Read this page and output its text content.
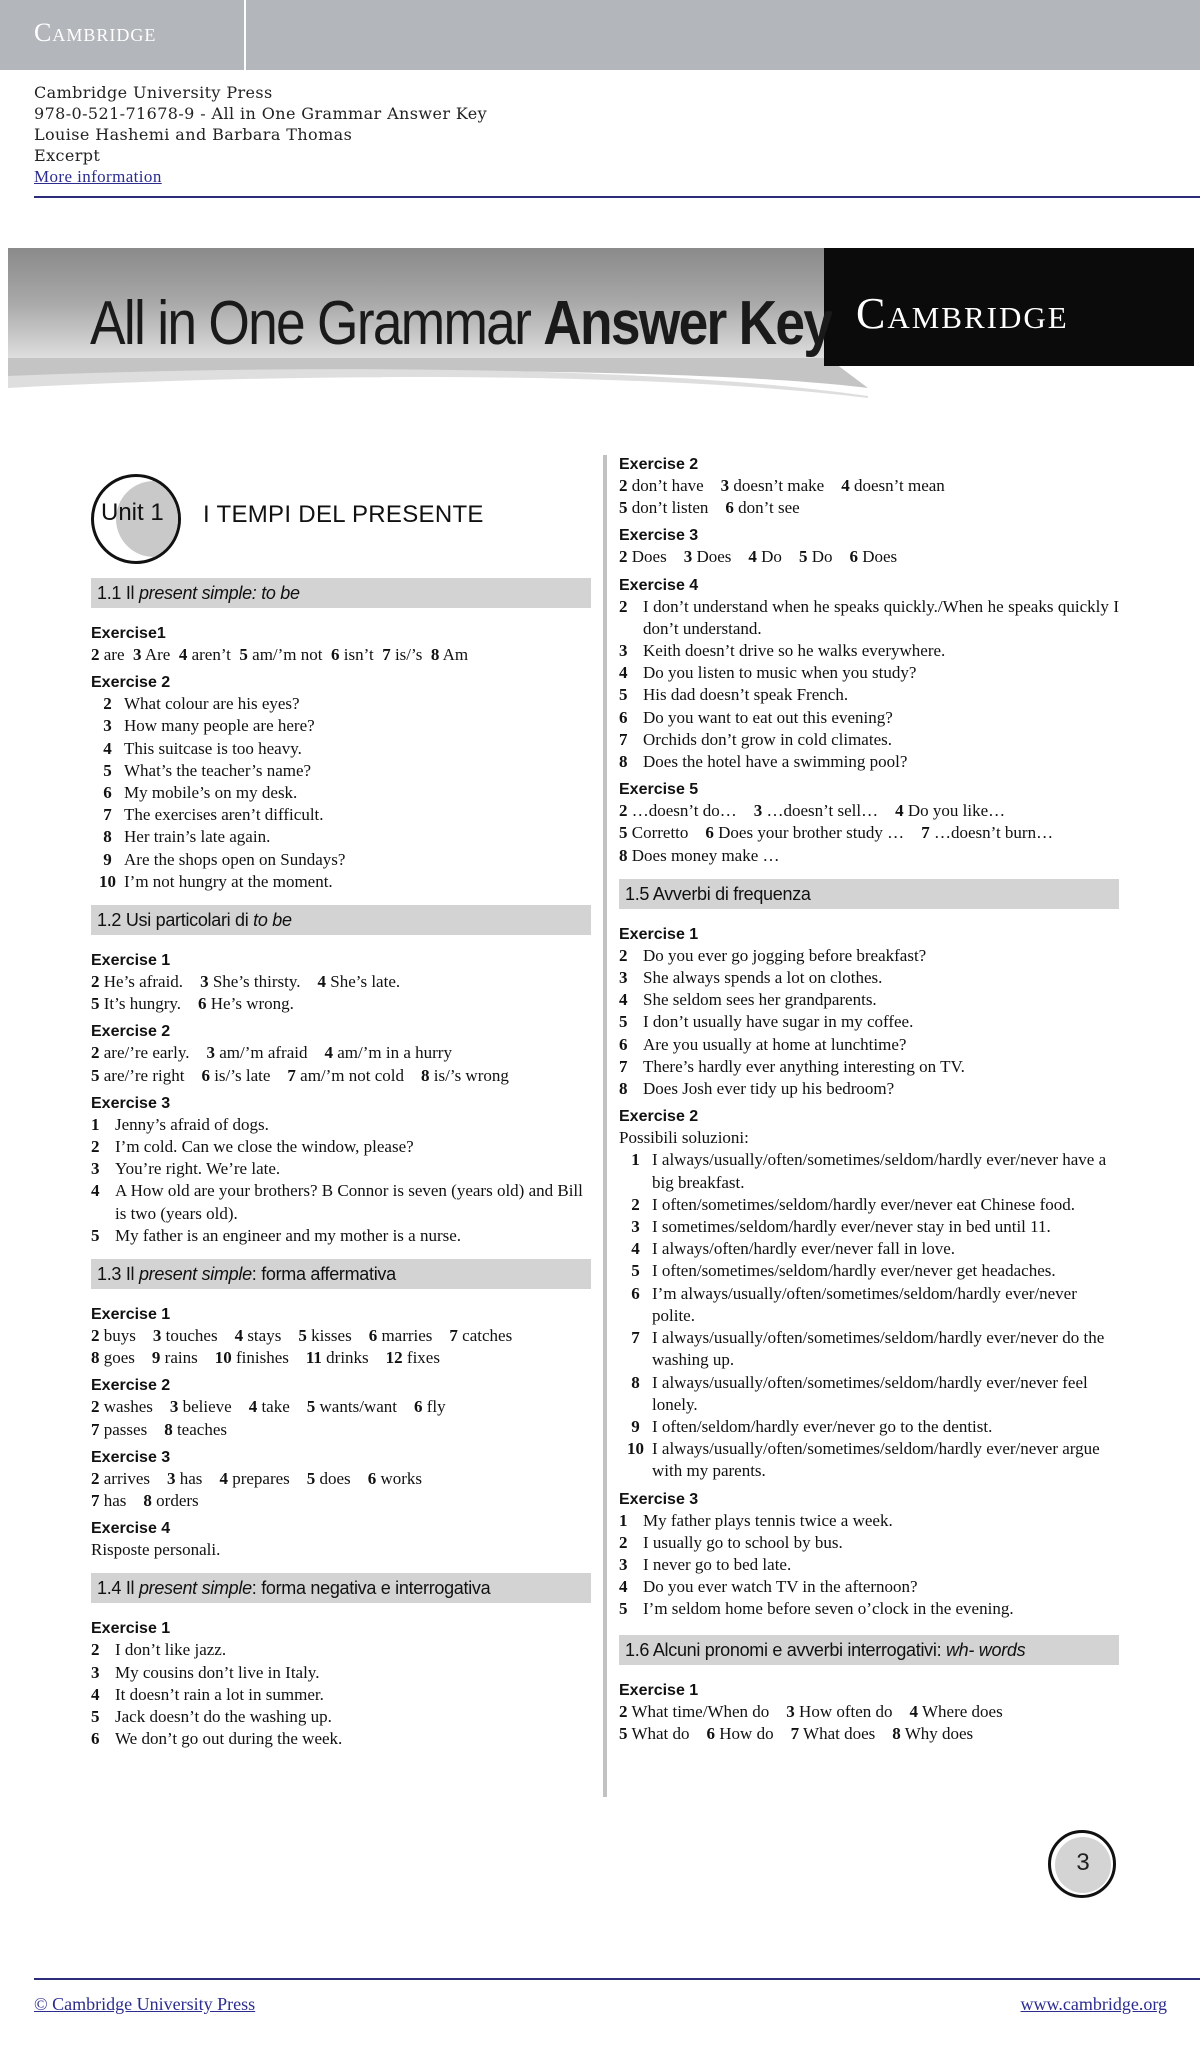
Cambridge
Cambridge University Press
978-0-521-71678-9 - All in One Grammar Answer Key
Louise Hashemi and Barbara Thomas
Excerpt
More information
Cambridge
All in One Grammar Answer Key
Unit 1 I TEMPI DEL PRESENTE
1.1 Il present simple: to be
Exercise1
2 are  3 Are  4 aren’t  5 am/’m not  6 isn’t  7 is/’s  8 Am
Exercise 2
2 What colour are his eyes?
3 How many people are here?
4 This suitcase is too heavy.
5 What’s the teacher’s name?
6 My mobile’s on my desk.
7 The exercises aren’t difficult.
8 Her train’s late again.
9 Are the shops open on Sundays?
10 I’m not hungry at the moment.
1.2 Usi particolari di to be
Exercise 1
2 He’s afraid.    3 She’s thirsty.    4 She’s late.
5 It’s hungry.    6 He’s wrong.
Exercise 2
2 are/’re early.    3 am/’m afraid    4 am/’m in a hurry
5 are/’re right    6 is/’s late    7 am/’m not cold    8 is/’s wrong
Exercise 3
1 Jenny’s afraid of dogs.
2 I’m cold. Can we close the window, please?
3 You’re right. We’re late.
4 A How old are your brothers? B Connor is seven (years old) and Bill is two (years old).
5 My father is an engineer and my mother is a nurse.
1.3 Il present simple: forma affermativa
Exercise 1
2 buys    3 touches    4 stays    5 kisses    6 marries    7 catches
8 goes    9 rains    10 finishes    11 drinks    12 fixes
Exercise 2
2 washes    3 believe    4 take    5 wants/want    6 fly
7 passes    8 teaches
Exercise 3
2 arrives    3 has    4 prepares    5 does    6 works
7 has    8 orders
Exercise 4
Risposte personali.
1.4 Il present simple: forma negativa e interrogativa
Exercise 1
2 I don’t like jazz.
3 My cousins don’t live in Italy.
4 It doesn’t rain a lot in summer.
5 Jack doesn’t do the washing up.
6 We don’t go out during the week.
Exercise 2
2 don’t have    3 doesn’t make    4 doesn’t mean
5 don’t listen    6 don’t see
Exercise 3
2 Does    3 Does    4 Do    5 Do    6 Does
Exercise 4
2 I don’t understand when he speaks quickly./When he speaks quickly I don’t understand.
3 Keith doesn’t drive so he walks everywhere.
4 Do you listen to music when you study?
5 His dad doesn’t speak French.
6 Do you want to eat out this evening?
7 Orchids don’t grow in cold climates.
8 Does the hotel have a swimming pool?
Exercise 5
2 …doesn’t do…    3 …doesn’t sell…    4 Do you like…
5 Corretto    6 Does your brother study …    7 …doesn’t burn…
8 Does money make …
1.5 Avverbi di frequenza
Exercise 1
2 Do you ever go jogging before breakfast?
3 She always spends a lot on clothes.
4 She seldom sees her grandparents.
5 I don’t usually have sugar in my coffee.
6 Are you usually at home at lunchtime?
7 There’s hardly ever anything interesting on TV.
8 Does Josh ever tidy up his bedroom?
Exercise 2
Possibili soluzioni:
1 I always/usually/often/sometimes/seldom/hardly ever/never have a big breakfast.
2 I often/sometimes/seldom/hardly ever/never eat Chinese food.
3 I sometimes/seldom/hardly ever/never stay in bed until 11.
4 I always/often/hardly ever/never fall in love.
5 I often/sometimes/seldom/hardly ever/never get headaches.
6 I’m always/usually/often/sometimes/seldom/hardly ever/never polite.
7 I always/usually/often/sometimes/seldom/hardly ever/never do the washing up.
8 I always/usually/often/sometimes/seldom/hardly ever/never feel lonely.
9 I often/seldom/hardly ever/never go to the dentist.
10 I always/usually/often/sometimes/seldom/hardly ever/never argue with my parents.
Exercise 3
1 My father plays tennis twice a week.
2 I usually go to school by bus.
3 I never go to bed late.
4 Do you ever watch TV in the afternoon?
5 I’m seldom home before seven o’clock in the evening.
1.6 Alcuni pronomi e avverbi interrogativi: wh- words
Exercise 1
2 What time/When do    3 How often do    4 Where does
5 What do    6 How do    7 What does    8 Why does
3
© Cambridge University Press	www.cambridge.org
